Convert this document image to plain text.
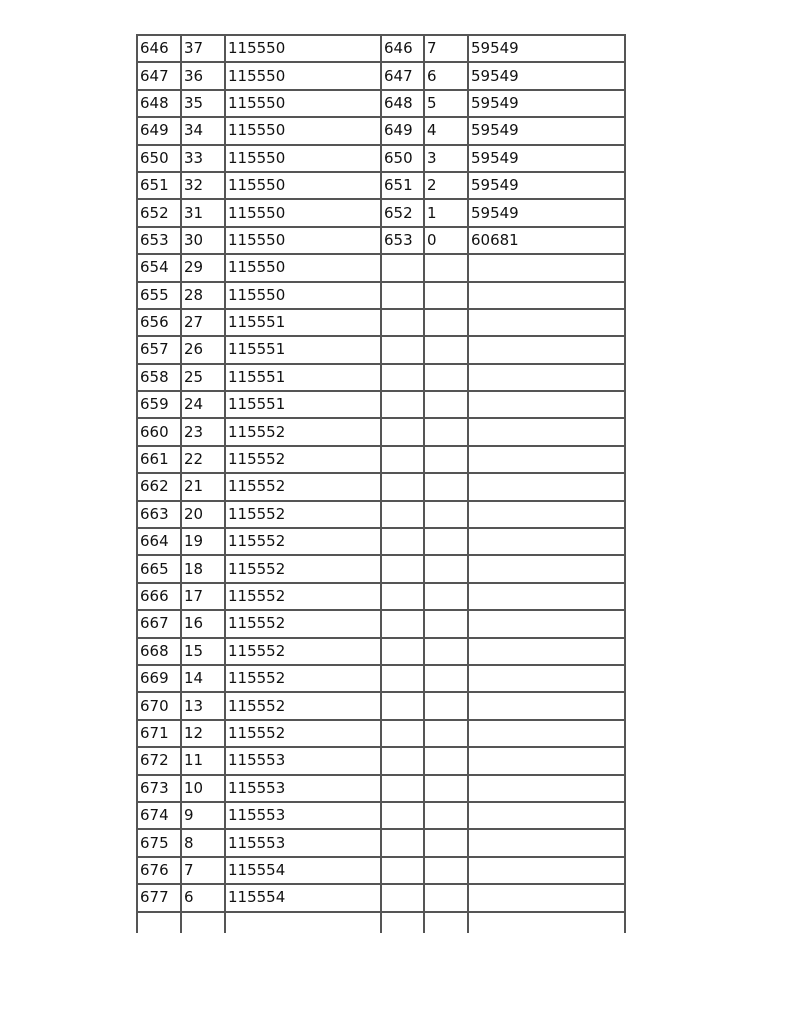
646	37	115550	646	7	59549
647	36	115550	647	6	59549
648	35	115550	648	5	59549
649	34	115550	649	4	59549
650	33	115550	650	3	59549
651	32	115550	651	2	59549
652	31	115550	652	1	59549
653	30	115550	653	0	60681
654	29	115550			
655	28	115550			
656	27	115551			
657	26	115551			
658	25	115551			
659	24	115551			
660	23	115552			
661	22	115552			
662	21	115552			
663	20	115552			
664	19	115552			
665	18	115552			
666	17	115552			
667	16	115552			
668	15	115552			
669	14	115552			
670	13	115552			
671	12	115552			
672	11	115553			
673	10	115553			
674	9	115553			
675	8	115553			
676	7	115554			
677	6	115554			
